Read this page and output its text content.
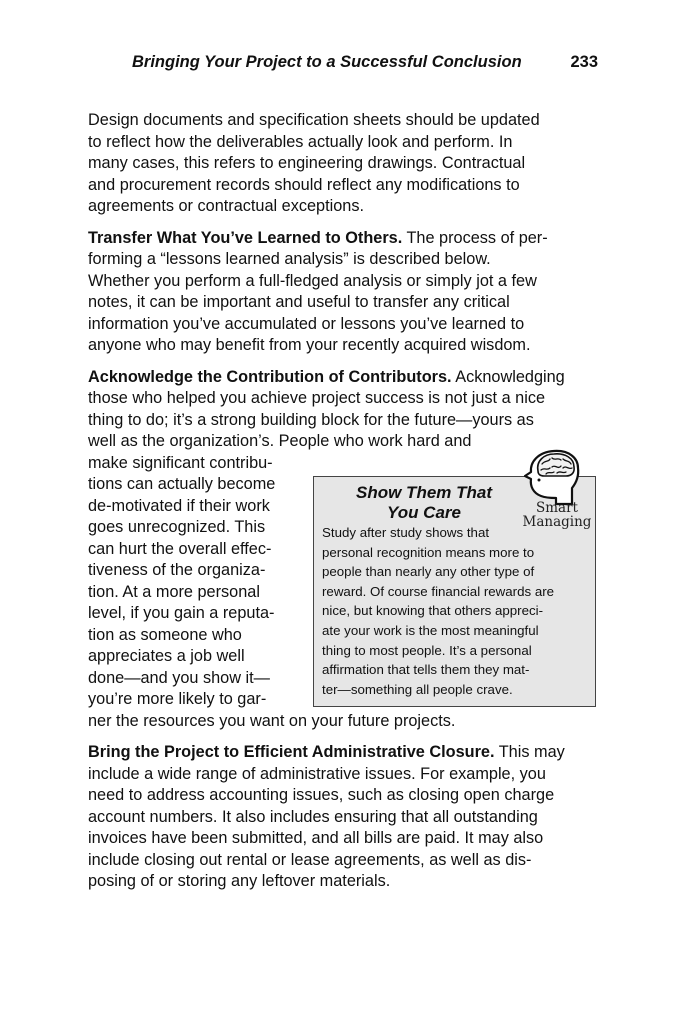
Bringing Your Project to a Successful Conclusion	233

Design documents and specification sheets should be updated
to reflect how the deliverables actually look and perform. In
many cases, this refers to engineering drawings. Contractual
and procurement records should reflect any modifications to
agreements or contractual exceptions.

Transfer What You’ve Learned to Others. The process of per-
forming a “lessons learned analysis” is described below.
Whether you perform a full-fledged analysis or simply jot a few
notes, it can be important and useful to transfer any critical
information you’ve accumulated or lessons you’ve learned to
anyone who may benefit from your recently acquired wisdom.

Acknowledge the Contribution of Contributors. Acknowledging
those who helped you achieve project success is not just a nice
thing to do; it’s a strong building block for the future—yours as
well as the organization’s. People who work hard and
make significant contribu-
tions can actually become
de-motivated if their work
goes unrecognized. This
can hurt the overall effec-
tiveness of the organiza-
tion. At a more personal
level, if you gain a reputa-
tion as someone who
appreciates a job well
done—and you show it—
you’re more likely to gar-
ner the resources you want on your future projects.

Bring the Project to Efficient Administrative Closure. This may
include a wide range of administrative issues. For example, you
need to address accounting issues, such as closing open charge
account numbers. It also includes ensuring that all outstanding
invoices have been submitted, and all bills are paid. It may also
include closing out rental or lease agreements, as well as dis-
posing of or storing any leftover materials.

Show Them That
You Care
Study after study shows that
personal recognition means more to
people than nearly any other type of
reward. Of course financial rewards are
nice, but knowing that others appreci-
ate your work is the most meaningful
thing to most people. It’s a personal
affirmation that tells them they mat-
ter—something all people crave.
Smart
Managing
